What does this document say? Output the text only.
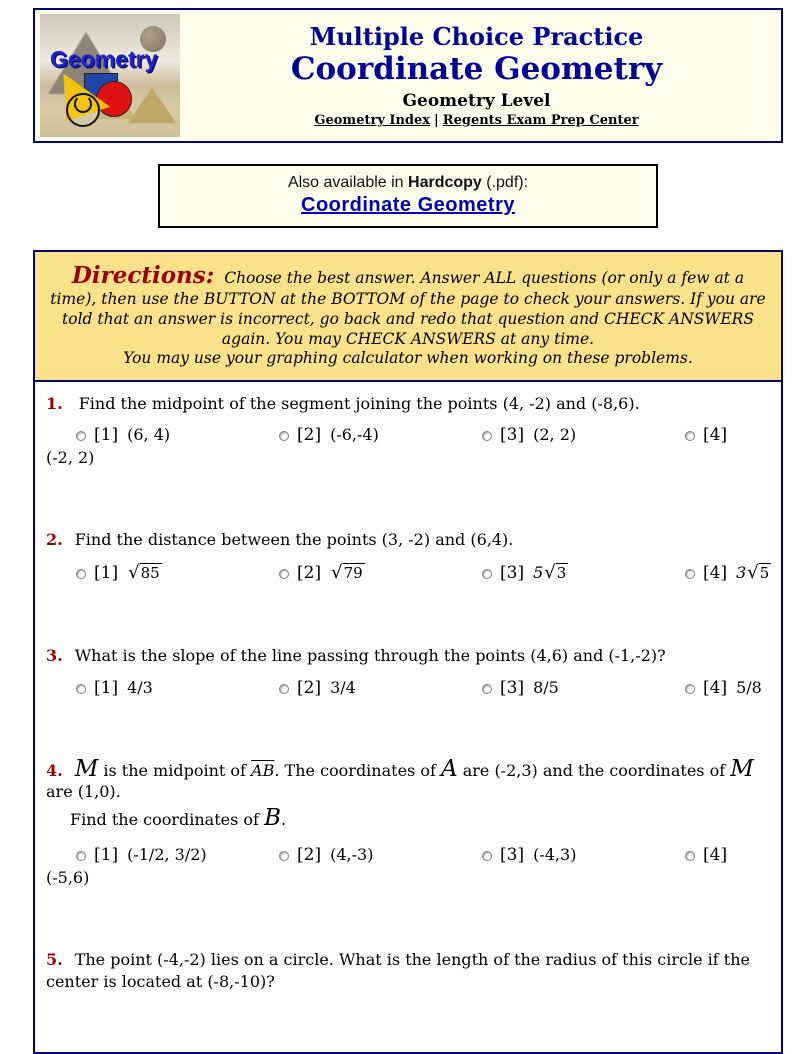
Geometry
Multiple Choice Practice
Coordinate Geometry
Geometry Level
Geometry Index | Regents Exam Prep Center
Also available in Hardcopy (.pdf):
Coordinate Geometry
Directions: Choose the best answer. Answer ALL questions (or only a few at a time), then use the BUTTON at the BOTTOM of the page to check your answers. If you are told that an answer is incorrect, go back and redo that question and CHECK ANSWERS again. You may CHECK ANSWERS at any time.
You may use your graphing calculator when working on these problems.
1. Find the midpoint of the segment joining the points (4, -2) and (-8,6).
[1] (6, 4)	[2] (-6,-4)	[3] (2, 2)	[4]
(-2, 2)
2. Find the distance between the points (3, -2) and (6,4).
[1] √85	[2] √79	[3] 5√3	[4] 3√5
3. What is the slope of the line passing through the points (4,6) and (-1,-2)?
[1] 4/3	[2] 3/4	[3] 8/5	[4] 5/8
4. M is the midpoint of $\overline{AB}$. The coordinates of A are (-2,3) and the coordinates of M are (1,0).
Find the coordinates of B.
[1] (-1/2, 3/2)	[2] (4,-3)	[3] (-4,3)	[4]
(-5,6)
5. The point (-4,-2) lies on a circle. What is the length of the radius of this circle if the center is located at (-8,-10)?
